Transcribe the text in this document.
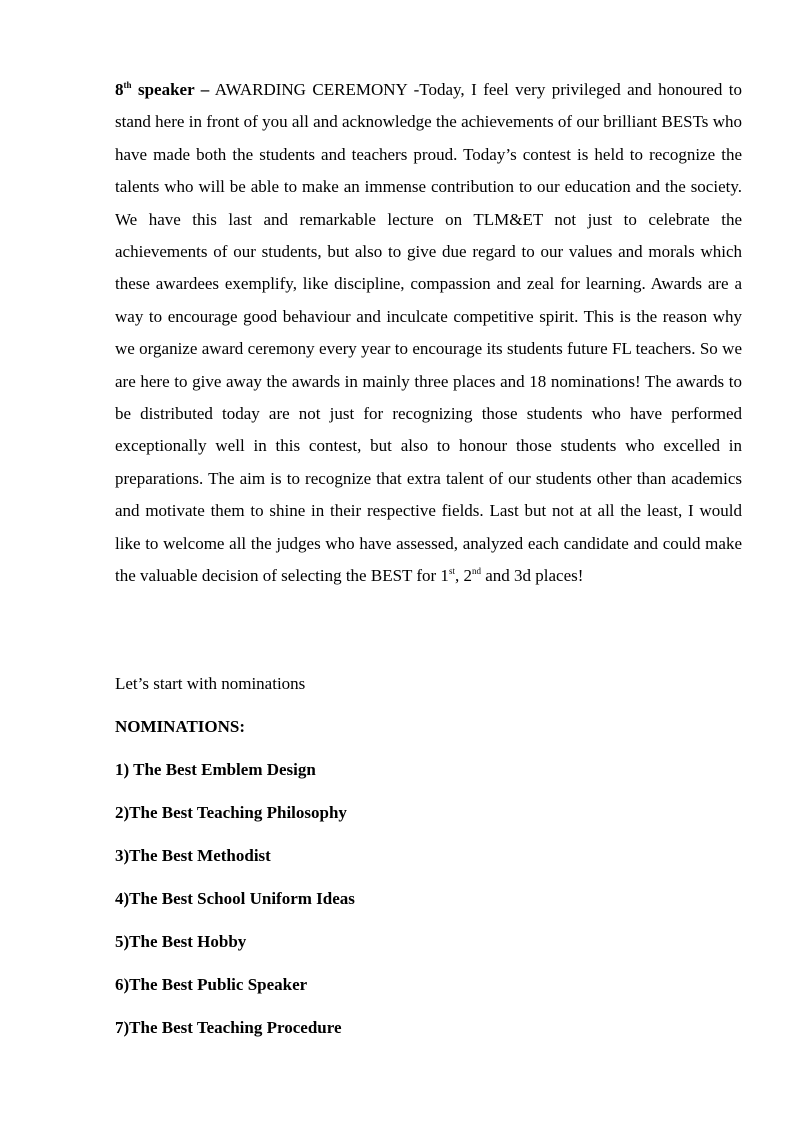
8th speaker – AWARDING CEREMONY -Today, I feel very privileged and honoured to stand here in front of you all and acknowledge the achievements of our brilliant BESTs who have made both the students and teachers proud. Today’s contest is held to recognize the talents who will be able to make an immense contribution to our education and the society. We have this last and remarkable lecture on TLM&ET not just to celebrate the achievements of our students, but also to give due regard to our values and morals which these awardees exemplify, like discipline, compassion and zeal for learning. Awards are a way to encourage good behaviour and inculcate competitive spirit. This is the reason why we organize award ceremony every year to encourage its students future FL teachers. So we are here to give away the awards in mainly three places and 18 nominations! The awards to be distributed today are not just for recognizing those students who have performed exceptionally well in this contest, but also to honour those students who excelled in preparations. The aim is to recognize that extra talent of our students other than academics and motivate them to shine in their respective fields. Last but not at all the least, I would like to welcome all the judges who have assessed, analyzed each candidate and could make the valuable decision of selecting the BEST for 1st, 2nd and 3d places!

Let’s start with nominations

NOMINATIONS:

1) The Best Emblem Design

2)The Best Teaching Philosophy

3)The Best Methodist

4)The Best School Uniform Ideas

5)The Best Hobby

6)The Best Public Speaker

7)The Best Teaching Procedure
